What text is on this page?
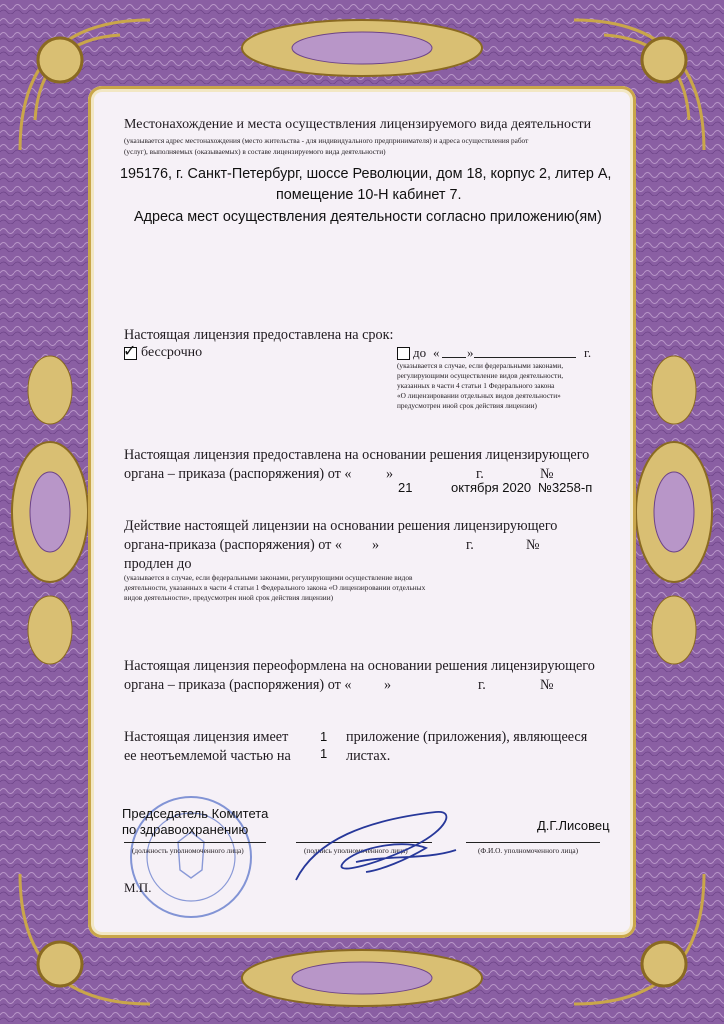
Местонахождение и места осуществления лицензируемого вида деятельности
(указывается адрес местонахождения (место жительства - для индивидуального предпринимателя) и адреса осуществления работ
(услуг), выполняемых (оказываемых) в составе лицензируемого вида деятельности)
195176, г. Санкт-Петербург, шоссе Революции, дом 18, корпус 2, литер А,
помещение 10-Н кабинет 7.
Адреса мест осуществления деятельности согласно приложению(ям)
Настоящая лицензия предоставлена на срок:
✓ бессрочно	до « »	г.
(указывается в случае, если федеральными законами,
регулирующими осуществление видов деятельности,
указанных в части 4 статьи 1 Федерального закона
«О лицензировании отдельных видов деятельности»
предусмотрен иной срок действия лицензии)
Настоящая лицензия предоставлена на основании решения лицензирующего
органа – приказа (распоряжения) от « »	г.	№
21	октября 2020 №3258-п
Действие настоящей лицензии на основании решения лицензирующего
органа-приказа (распоряжения) от « »	г.	№
продлен до
(указывается в случае, если федеральными законами, регулирующими осуществление видов
деятельности, указанных в части 4 статьи 1 Федерального закона «О лицензировании отдельных
видов деятельности», предусмотрен иной срок действия лицензии)
Настоящая лицензия переоформлена на основании решения лицензирующего
органа – приказа (распоряжения) от « »	г.	№
Настоящая лицензия имеет 1 приложение (приложения), являющееся
ее неотъемлемой частью на 1 листах.
Председатель Комитета
по здравоохранению
(должность уполномоченного лица)	(подпись уполномоченного лица)
Д.Г.Лисовец
(Ф.И.О. уполномоченного лица)
М.П.
